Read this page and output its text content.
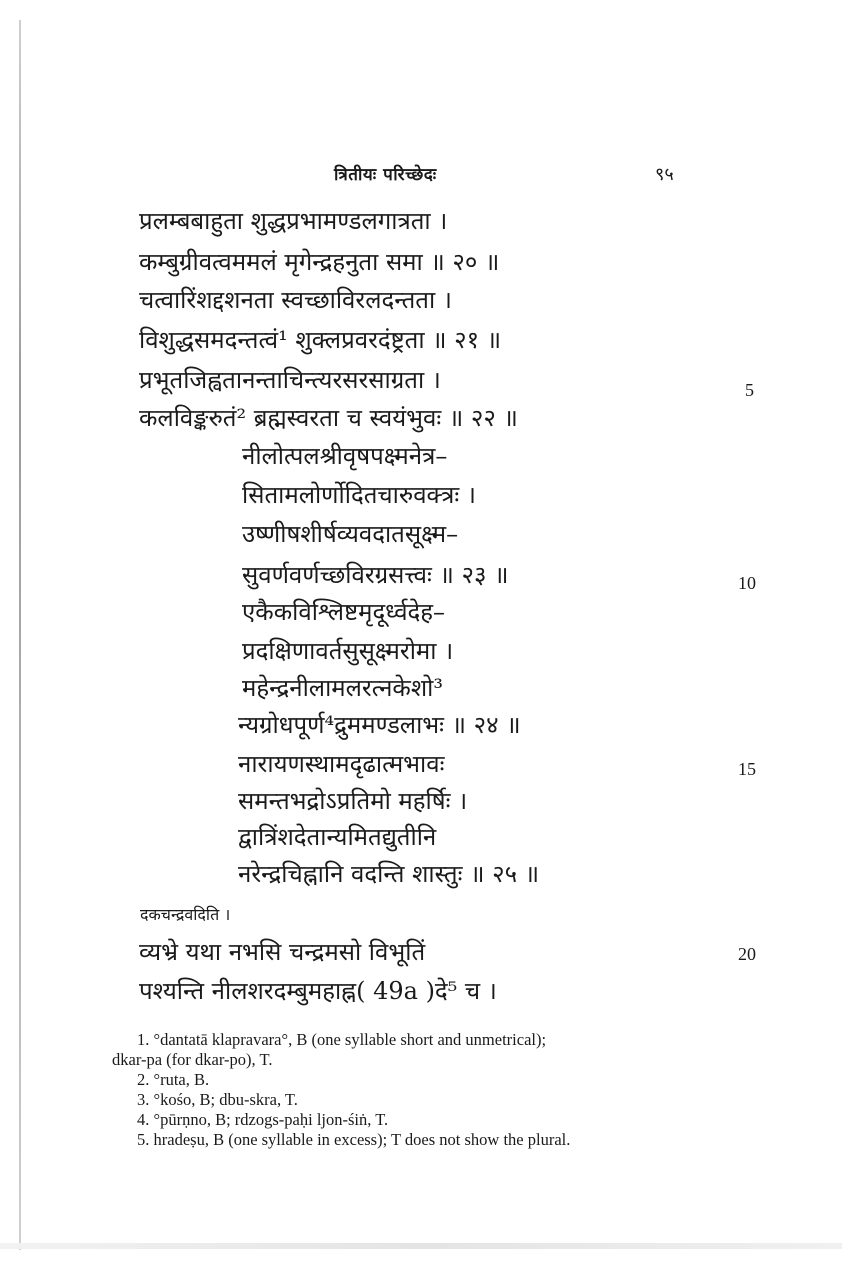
त्रितीयः परिच्छेदः	९५
प्रलम्बबाहुता शुद्धप्रभामण्डलगात्रता ।
कम्बुग्रीवत्वममलं मृगेन्द्रहनुता समा ॥ २० ॥
चत्वारिंशद्दशनता स्वच्छाविरलदन्तता ।
विशुद्धसमदन्तत्वं¹ शुक्लप्रवरदंष्ट्रता ॥ २१ ॥
प्रभूतजिह्वतानन्ताचिन्त्यरसरसाग्रता ।
कलविङ्करुतं² ब्रह्मस्वरता च स्वयंभुवः ॥ २२ ॥
नीलोत्पलश्रीवृषपक्ष्मनेत्र–
सितामलोर्णोदितचारुवक्त्रः ।
उष्णीषशीर्षव्यवदातसूक्ष्म–
सुवर्णवर्णच्छविरग्रसत्त्वः ॥ २३ ॥
एकैकविश्लिष्टमृदूर्ध्वदेह–
प्रदक्षिणावर्तसुसूक्ष्मरोमा ।
महेन्द्रनीलामलरत्नकेशो³
न्यग्रोधपूर्ण⁴द्रुममण्डलाभः ॥ २४ ॥
नारायणस्थामदृढात्मभावः
समन्तभद्रोऽप्रतिमो महर्षिः ।
द्वात्रिंशदेतान्यमितद्युतीनि
नरेन्द्रचिह्नानि वदन्ति शास्तुः ॥ २५ ॥
दकचन्द्रवदिति ।
व्यभ्रे यथा नभसि चन्द्रमसो विभूतिं
पश्यन्ति नीलशरदम्बुमहाह्न( 49a )दे⁵ च ।
5
10
15
20
1. °dantatā klapravara°, B (one syllable short and unmetrical);
dkar-pa (for dkar-po), T.
2. °ruta, B.
3. °kośo, B; dbu-skra, T.
4. °pūrṇno, B; rdzogs-paḥi ljon-śiṅ, T.
5. hradeṣu, B (one syllable in excess); T does not show the plural.
